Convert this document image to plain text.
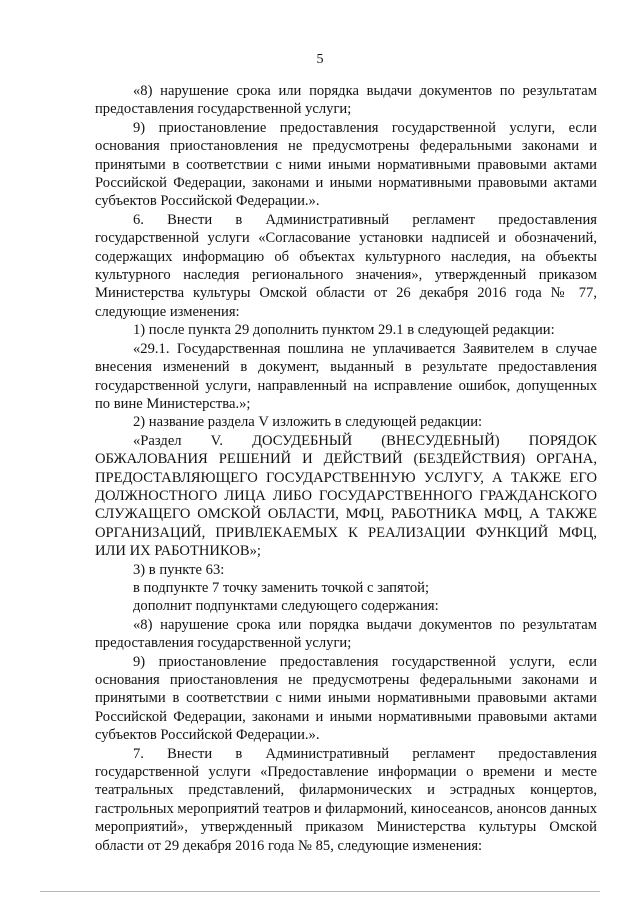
5

«8) нарушение срока или порядка выдачи документов по результатам предоставления государственной услуги;

9) приостановление предоставления государственной услуги, если основания приостановления не предусмотрены федеральными законами и принятыми в соответствии с ними иными нормативными правовыми актами Российской Федерации, законами и иными нормативными правовыми актами субъектов Российской Федерации.».

6. Внести в Административный регламент предоставления государственной услуги «Согласование установки надписей и обозначений, содержащих информацию об объектах культурного наследия, на объекты культурного наследия регионального значения», утвержденный приказом Министерства культуры Омской области от 26 декабря 2016 года № 77, следующие изменения:

1) после пункта 29 дополнить пунктом 29.1 в следующей редакции:

«29.1. Государственная пошлина не уплачивается Заявителем в случае внесения изменений в документ, выданный в результате предоставления государственной услуги, направленный на исправление ошибок, допущенных по вине Министерства.»;

2) название раздела V изложить в следующей редакции:

«Раздел V. ДОСУДЕБНЫЙ (ВНЕСУДЕБНЫЙ) ПОРЯДОК ОБЖАЛОВАНИЯ РЕШЕНИЙ И ДЕЙСТВИЙ (БЕЗДЕЙСТВИЯ) ОРГАНА, ПРЕДОСТАВЛЯЮЩЕГО ГОСУДАРСТВЕННУЮ УСЛУГУ, А ТАКЖЕ ЕГО ДОЛЖНОСТНОГО ЛИЦА ЛИБО ГОСУДАРСТВЕННОГО ГРАЖДАНСКОГО СЛУЖАЩЕГО ОМСКОЙ ОБЛАСТИ, МФЦ, РАБОТНИКА МФЦ, А ТАКЖЕ ОРГАНИЗАЦИЙ, ПРИВЛЕКАЕМЫХ К РЕАЛИЗАЦИИ ФУНКЦИЙ МФЦ, ИЛИ ИХ РАБОТНИКОВ»;

3) в пункте 63:

в подпункте 7 точку заменить точкой с запятой;

дополнит подпунктами следующего содержания:

«8) нарушение срока или порядка выдачи документов по результатам предоставления государственной услуги;

9) приостановление предоставления государственной услуги, если основания приостановления не предусмотрены федеральными законами и принятыми в соответствии с ними иными нормативными правовыми актами Российской Федерации, законами и иными нормативными правовыми актами субъектов Российской Федерации.».

7. Внести в Административный регламент предоставления государственной услуги «Предоставление информации о времени и месте театральных представлений, филармонических и эстрадных концертов, гастрольных мероприятий театров и филармоний, киносеансов, анонсов данных мероприятий», утвержденный приказом Министерства культуры Омской области от 29 декабря 2016 года № 85, следующие изменения:
